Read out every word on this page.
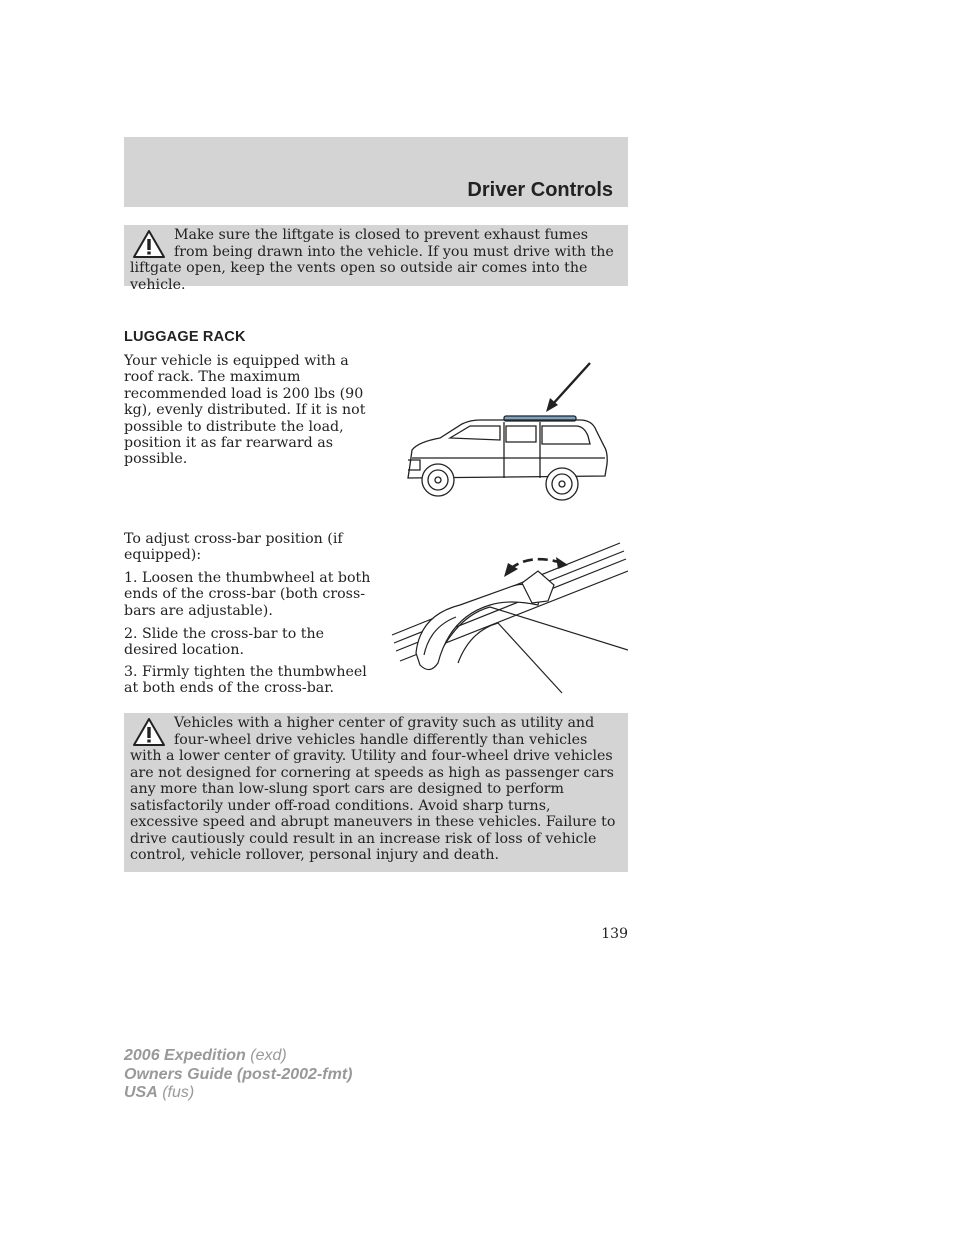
Driver Controls

Make sure the liftgate is closed to prevent exhaust fumes from being drawn into the vehicle. If you must drive with the liftgate open, keep the vents open so outside air comes into the vehicle.

LUGGAGE RACK

Your vehicle is equipped with a roof rack. The maximum recommended load is 200 lbs (90 kg), evenly distributed. If it is not possible to distribute the load, position it as far rearward as possible.

To adjust cross-bar position (if equipped):

1. Loosen the thumbwheel at both ends of the cross-bar (both cross-bars are adjustable).

2. Slide the cross-bar to the desired location.

3. Firmly tighten the thumbwheel at both ends of the cross-bar.

Vehicles with a higher center of gravity such as utility and four-wheel drive vehicles handle differently than vehicles with a lower center of gravity. Utility and four-wheel drive vehicles are not designed for cornering at speeds as high as passenger cars any more than low-slung sport cars are designed to perform satisfactorily under off-road conditions. Avoid sharp turns, excessive speed and abrupt maneuvers in these vehicles. Failure to drive cautiously could result in an increase risk of loss of vehicle control, vehicle rollover, personal injury and death.

139

2006 Expedition (exd)
Owners Guide (post-2002-fmt)
USA (fus)
